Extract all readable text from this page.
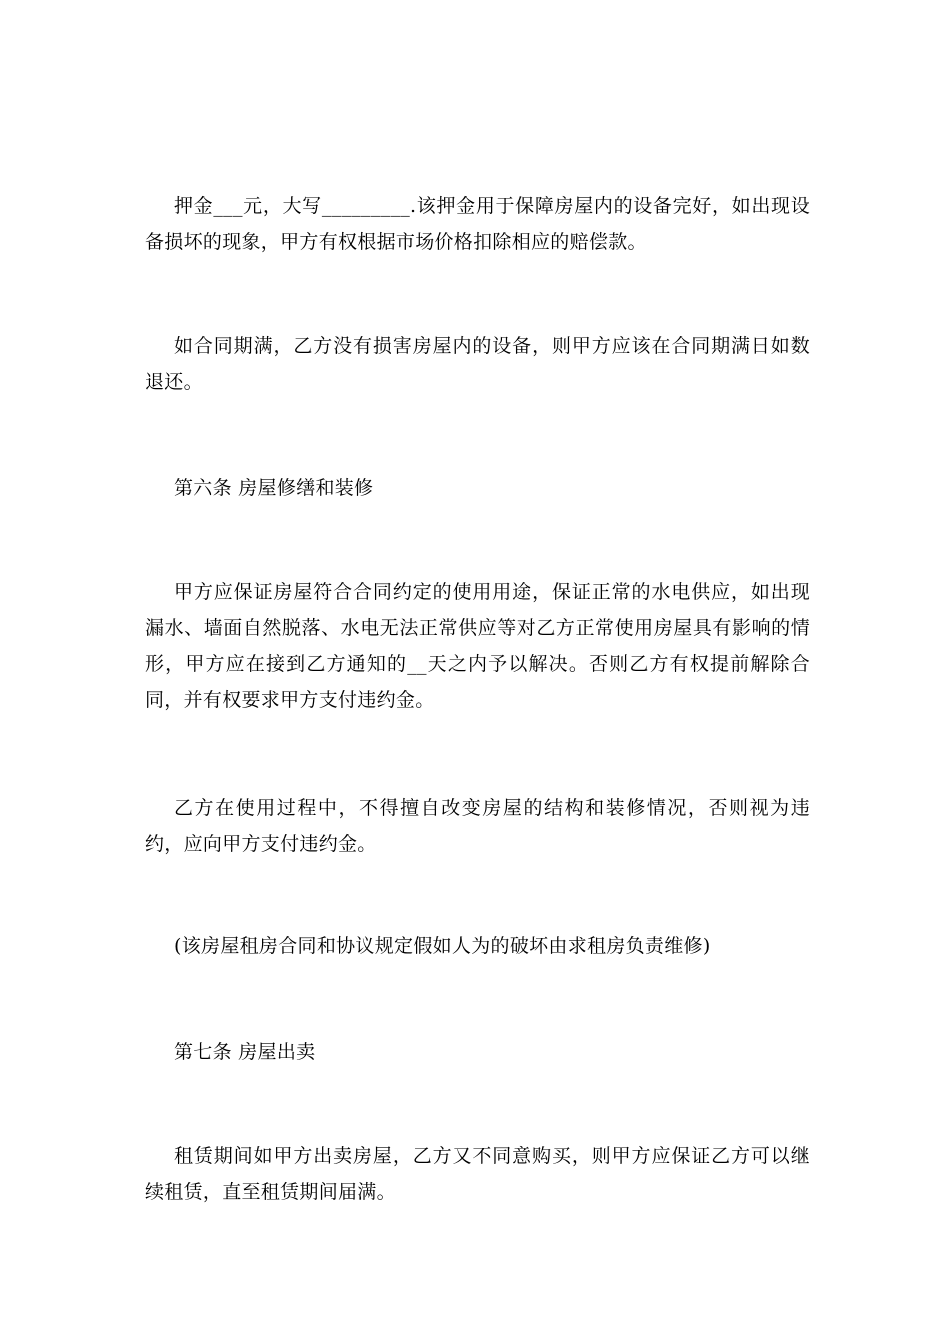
押金___元，大写_________.该押金用于保障房屋内的设备完好，如出现设备损坏的现象，甲方有权根据市场价格扣除相应的赔偿款。

如合同期满，乙方没有损害房屋内的设备，则甲方应该在合同期满日如数退还。

第六条 房屋修缮和装修

甲方应保证房屋符合合同约定的使用用途，保证正常的水电供应，如出现漏水、墙面自然脱落、水电无法正常供应等对乙方正常使用房屋具有影响的情形，甲方应在接到乙方通知的__天之内予以解决。否则乙方有权提前解除合同，并有权要求甲方支付违约金。

乙方在使用过程中，不得擅自改变房屋的结构和装修情况，否则视为违约，应向甲方支付违约金。

(该房屋租房合同和协议规定假如人为的破坏由求租房负责维修)

第七条 房屋出卖

租赁期间如甲方出卖房屋，乙方又不同意购买，则甲方应保证乙方可以继续租赁，直至租赁期间届满。
